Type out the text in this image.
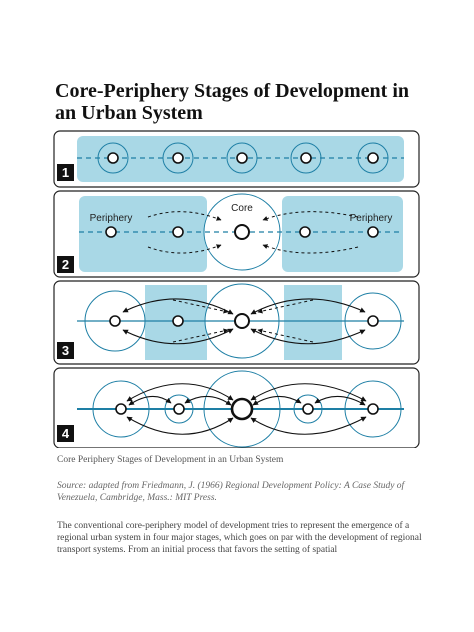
Core-Periphery Stages of Development in an Urban System
1
Core
Periphery	Periphery
2
3
4
Core Periphery Stages of Development in an Urban System
Source: adapted from Friedmann, J. (1966) Regional Development Policy: A Case Study of Venezuela, Cambridge, Mass.: MIT Press.
The conventional core-periphery model of development tries to represent the emergence of a regional urban system in four major stages, which goes on par with the development of regional transport systems. From an initial process that favors the setting of spatial
